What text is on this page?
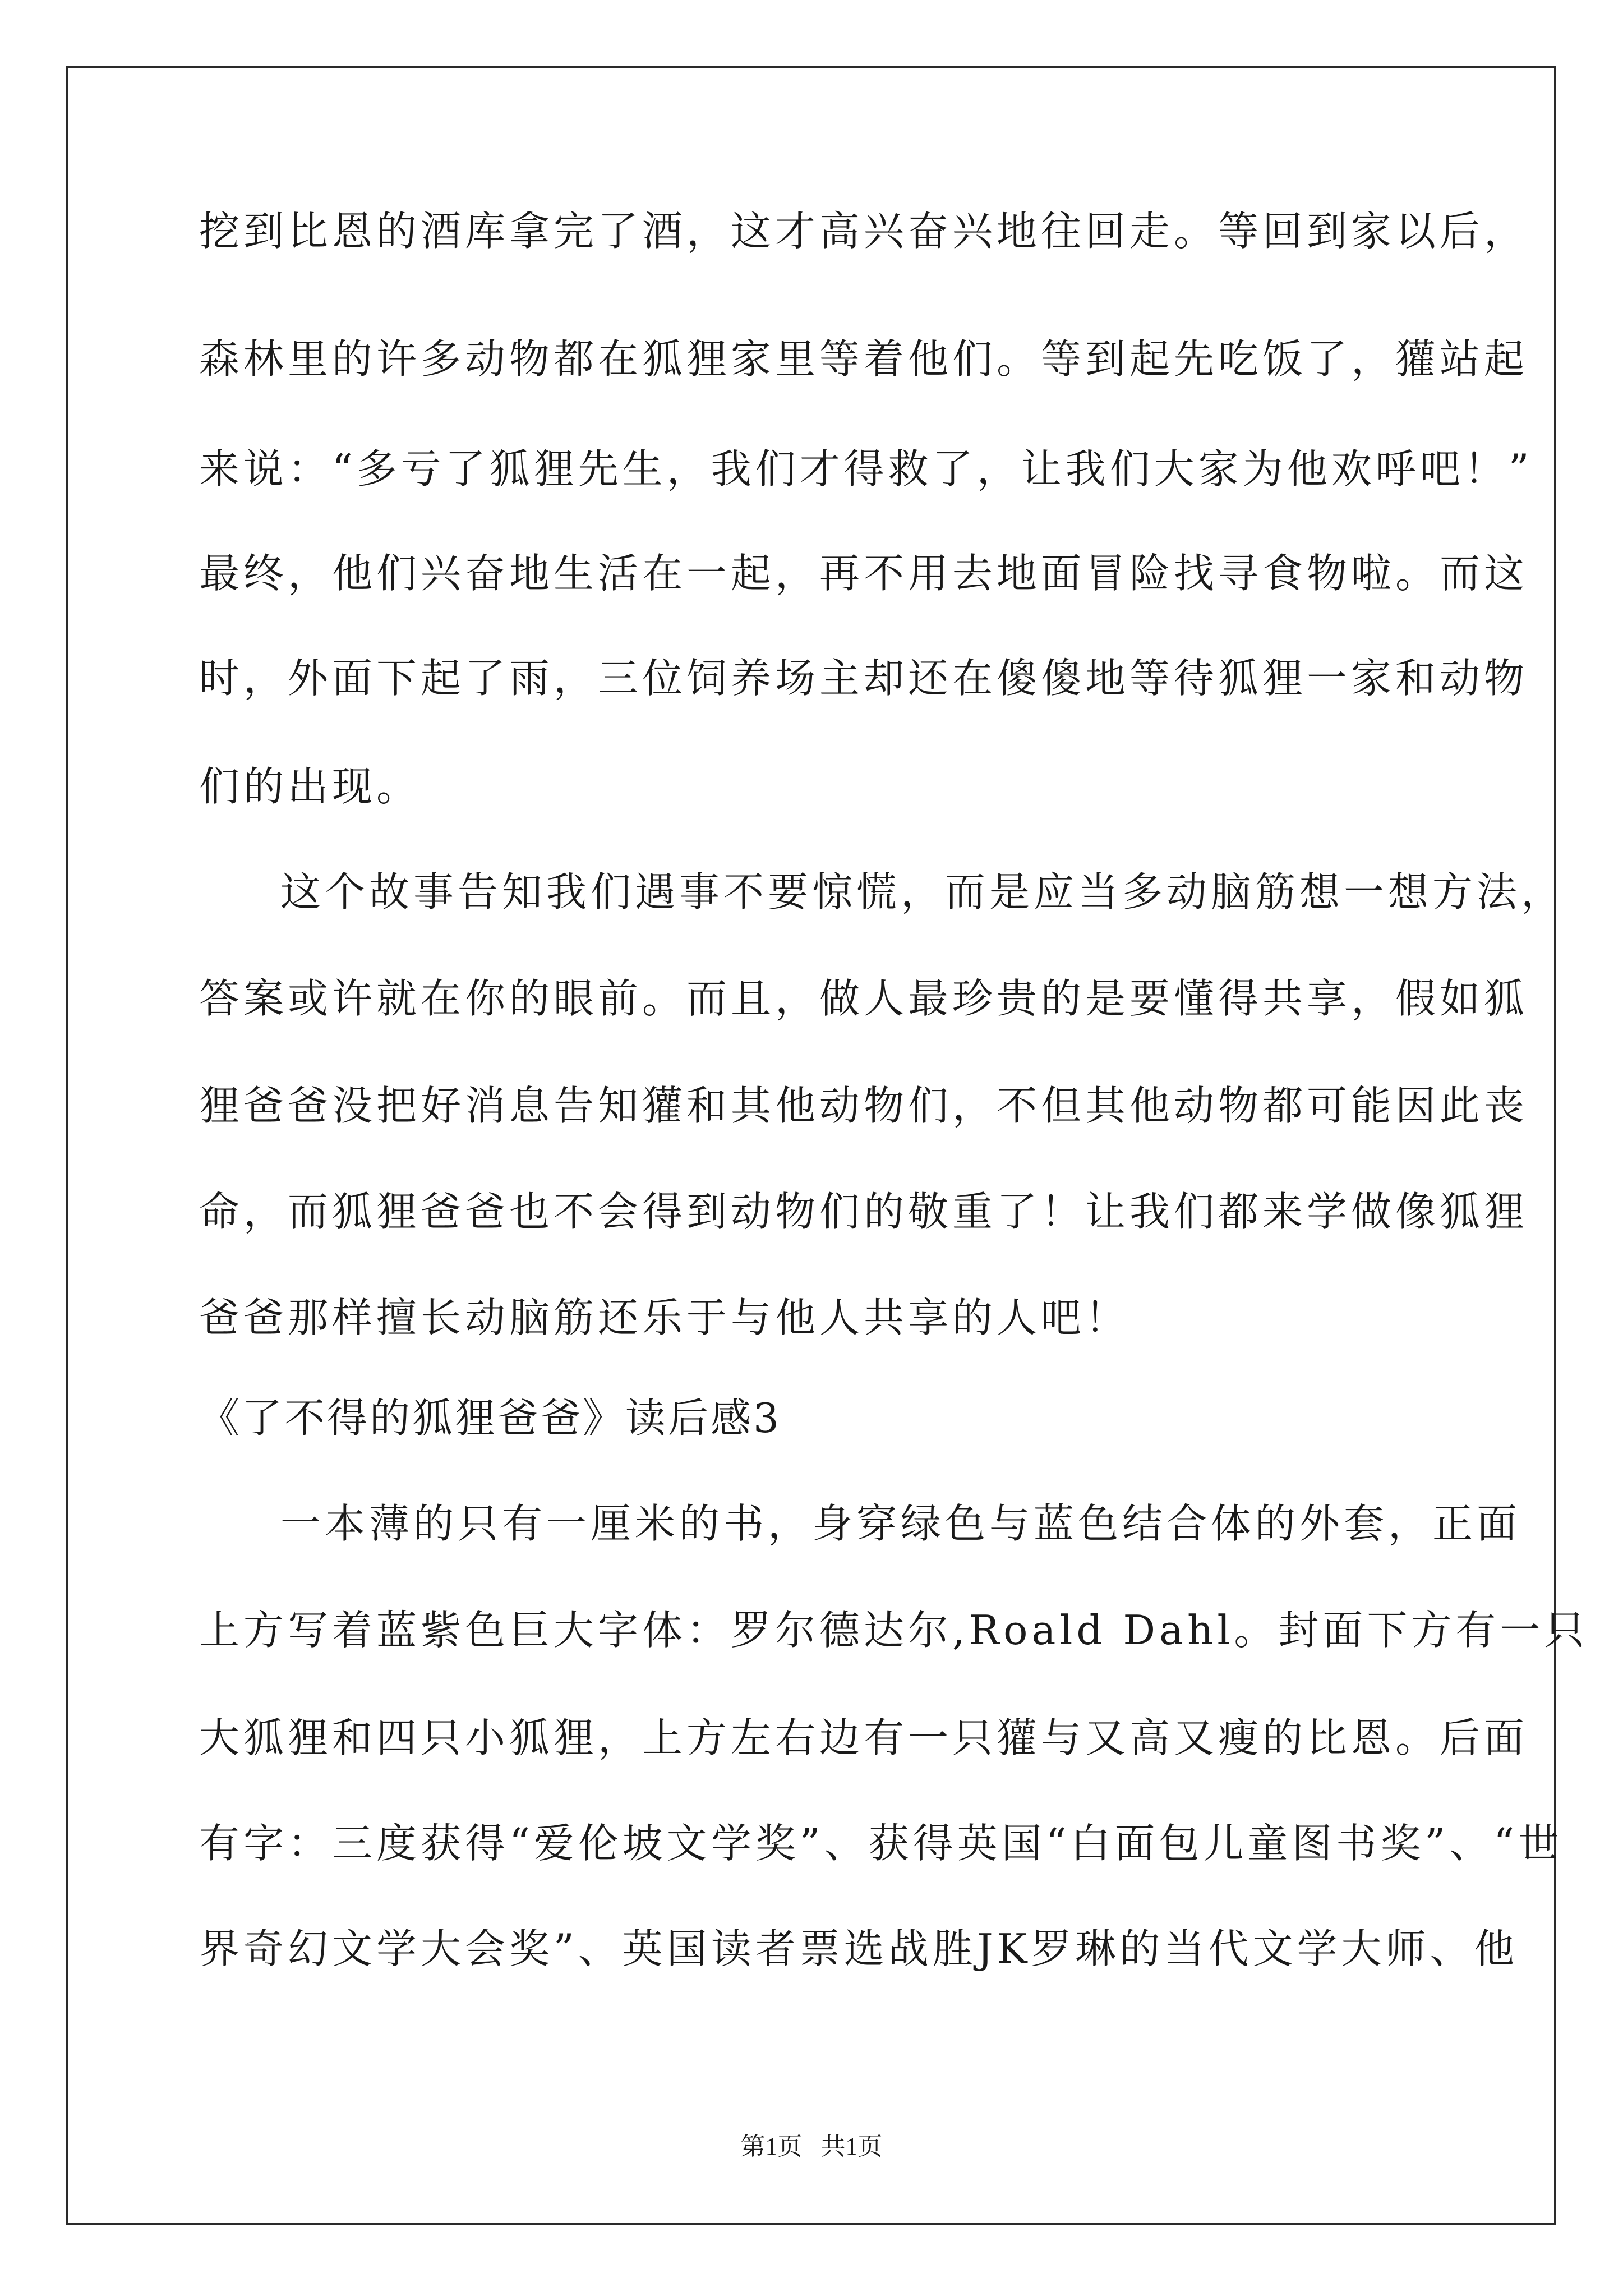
挖到比恩的酒库拿完了酒，这才高兴奋兴地往回走。等回到家以后，

森林里的许多动物都在狐狸家里等着他们。等到起先吃饭了，獾站起

来说：“多亏了狐狸先生，我们才得救了，让我们大家为他欢呼吧！”

最终，他们兴奋地生活在一起，再不用去地面冒险找寻食物啦。而这

时，外面下起了雨，三位饲养场主却还在傻傻地等待狐狸一家和动物

们的出现。

这个故事告知我们遇事不要惊慌，而是应当多动脑筋想一想方法，

答案或许就在你的眼前。而且，做人最珍贵的是要懂得共享，假如狐

狸爸爸没把好消息告知獾和其他动物们，不但其他动物都可能因此丧

命，而狐狸爸爸也不会得到动物们的敬重了！让我们都来学做像狐狸

爸爸那样擅长动脑筋还乐于与他人共享的人吧！

《了不得的狐狸爸爸》读后感3

一本薄的只有一厘米的书，身穿绿色与蓝色结合体的外套，正面

上方写着蓝紫色巨大字体：罗尔德达尔,Roald Dahl。封面下方有一只

大狐狸和四只小狐狸，上方左右边有一只獾与又高又瘦的比恩。后面

有字：三度获得“爱伦坡文学奖”、获得英国“白面包儿童图书奖”、“世

界奇幻文学大会奖”、英国读者票选战胜JK罗琳的当代文学大师、他

第1页   共1页
